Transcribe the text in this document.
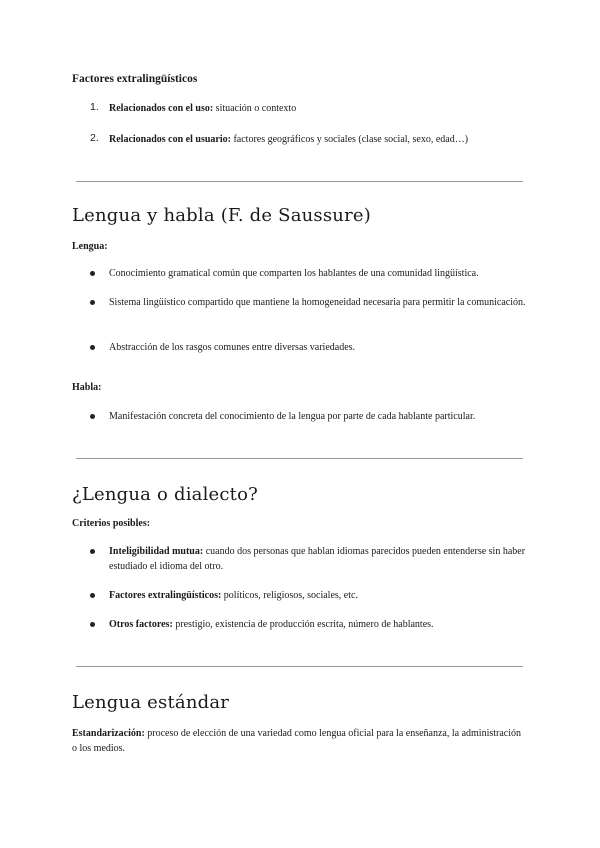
Factores extralingüísticos
1. Relacionados con el uso: situación o contexto
2. Relacionados con el usuario: factores geográficos y sociales (clase social, sexo, edad…)
Lengua y habla (F. de Saussure)
Lengua:
Conocimiento gramatical común que comparten los hablantes de una comunidad lingüística.
Sistema lingüístico compartido que mantiene la homogeneidad necesaria para permitir la comunicación.
Abstracción de los rasgos comunes entre diversas variedades.
Habla:
Manifestación concreta del conocimiento de la lengua por parte de cada hablante particular.
¿Lengua o dialecto?
Criterios posibles:
Inteligibilidad mutua: cuando dos personas que hablan idiomas parecidos pueden entenderse sin haber estudiado el idioma del otro.
Factores extralingüísticos: políticos, religiosos, sociales, etc.
Otros factores: prestigio, existencia de producción escrita, número de hablantes.
Lengua estándar
Estandarización: proceso de elección de una variedad como lengua oficial para la enseñanza, la administración o los medios.
